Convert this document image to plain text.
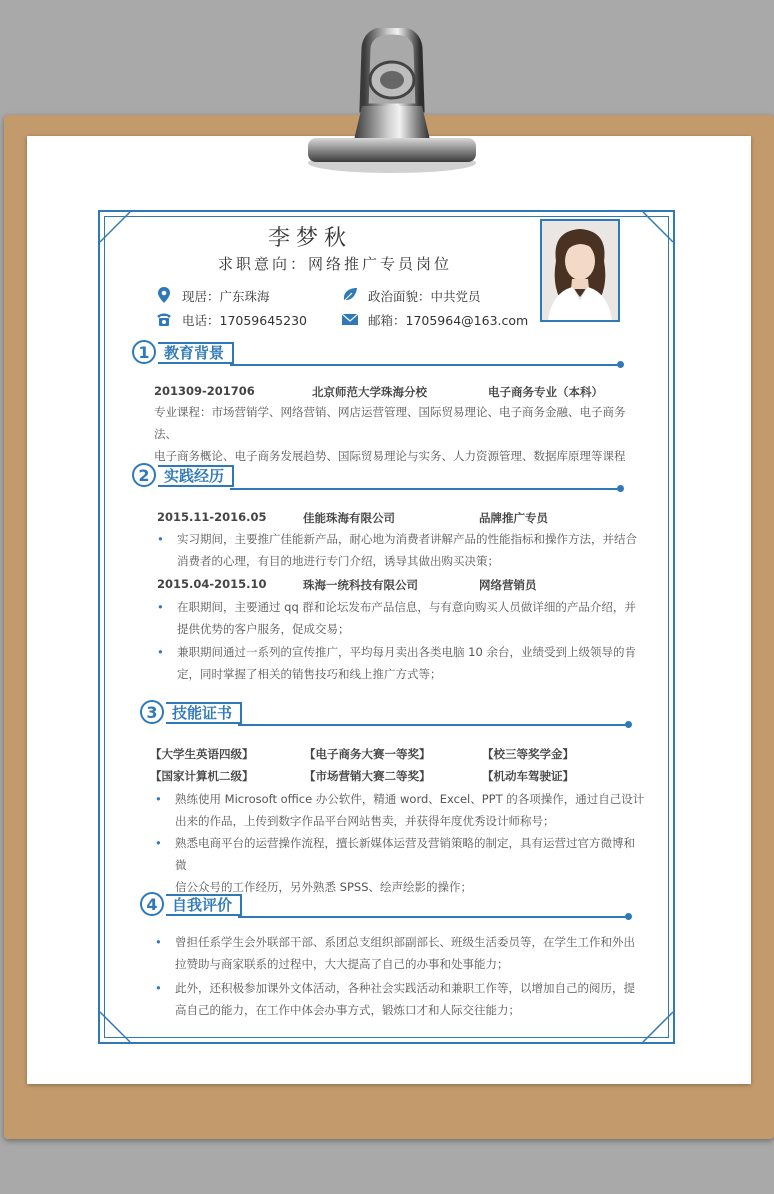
李梦秋
求职意向：网络推广专员岗位
现居：广东珠海	政治面貌：中共党员
电话：17059645230	邮箱：1705964@163.com
1 教育背景
201309-201706	北京师范大学珠海分校	电子商务专业（本科）
专业课程：市场营销学、网络营销、网店运营管理、国际贸易理论、电子商务金融、电子商务法、
电子商务概论、电子商务发展趋势、国际贸易理论与实务、人力资源管理、数据库原理等课程
2 实践经历
2015.11-2016.05	佳能珠海有限公司	品牌推广专员
• 实习期间，主要推广佳能新产品，耐心地为消费者讲解产品的性能指标和操作方法，并结合
消费者的心理，有目的地进行专门介绍，诱导其做出购买决策；
2015.04-2015.10	珠海一统科技有限公司	网络营销员
• 在职期间，主要通过 qq 群和论坛发布产品信息，与有意向购买人员做详细的产品介绍，并
提供优势的客户服务，促成交易；
• 兼职期间通过一系列的宣传推广，平均每月卖出各类电脑 10 余台，业绩受到上级领导的肯
定，同时掌握了相关的销售技巧和线上推广方式等；
3 技能证书
【大学生英语四级】	【电子商务大赛一等奖】	【校三等奖学金】
【国家计算机二级】	【市场营销大赛二等奖】	【机动车驾驶证】
• 熟练使用 Microsoft office 办公软件，精通 word、Excel、PPT 的各项操作，通过自己设计
出来的作品，上传到数字作品平台网站售卖，并获得年度优秀设计师称号；
• 熟悉电商平台的运营操作流程，擅长新媒体运营及营销策略的制定，具有运营过官方微博和微
信公众号的工作经历，另外熟悉 SPSS、绘声绘影的操作；
4 自我评价
• 曾担任系学生会外联部干部、系团总支组织部副部长、班级生活委员等，在学生工作和外出
拉赞助与商家联系的过程中，大大提高了自己的办事和处事能力；
• 此外，还积极参加课外文体活动，各种社会实践活动和兼职工作等，以增加自己的阅历，提
高自己的能力，在工作中体会办事方式，锻炼口才和人际交往能力；
